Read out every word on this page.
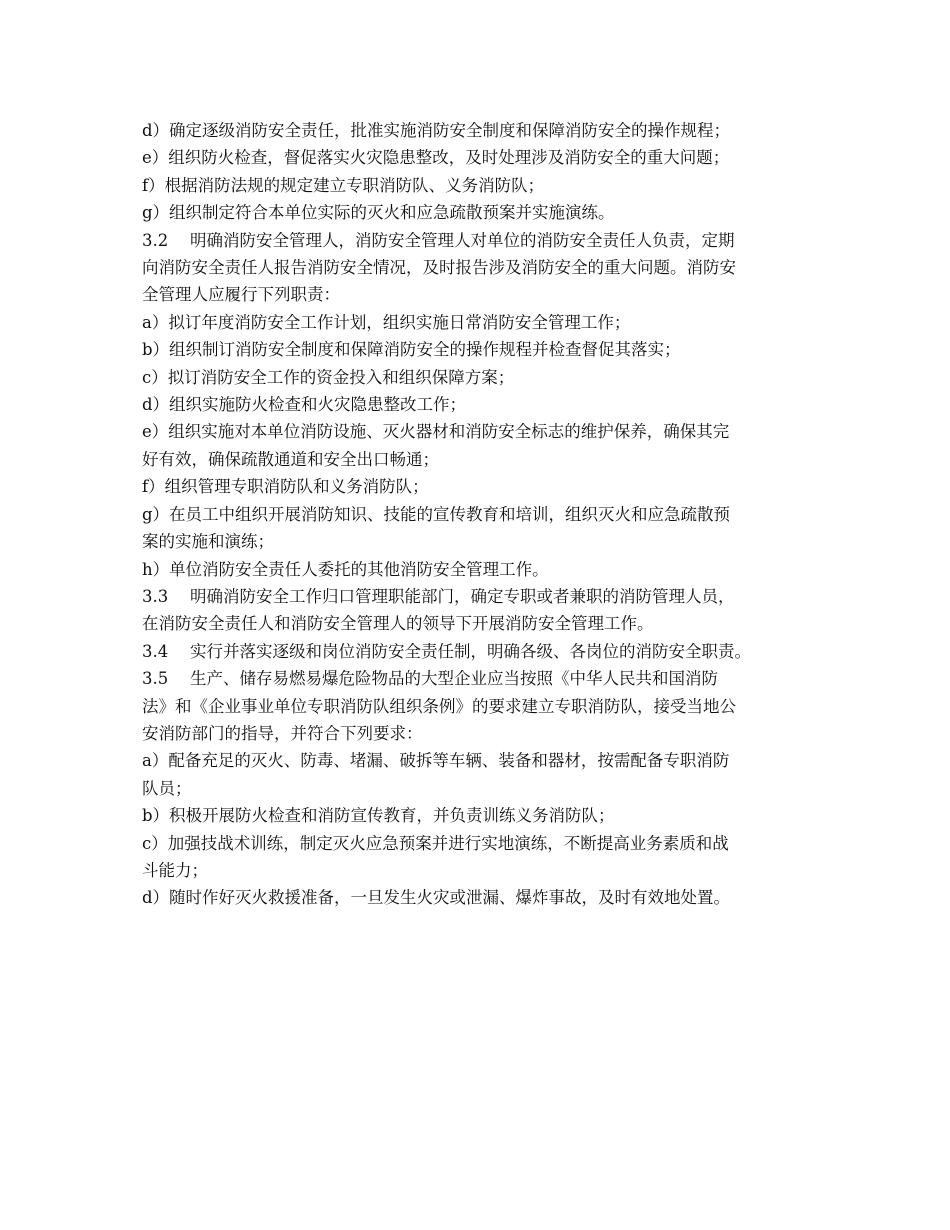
d）确定逐级消防安全责任，批准实施消防安全制度和保障消防安全的操作规程；

e）组织防火检查，督促落实火灾隐患整改，及时处理涉及消防安全的重大问题；

f）根据消防法规的规定建立专职消防队、义务消防队；

g）组织制定符合本单位实际的灭火和应急疏散预案并实施演练。

3.2　 明确消防安全管理人，消防安全管理人对单位的消防安全责任人负责，定期

向消防安全责任人报告消防安全情况，及时报告涉及消防安全的重大问题。消防安

全管理人应履行下列职责：

a）拟订年度消防安全工作计划，组织实施日常消防安全管理工作；

b）组织制订消防安全制度和保障消防安全的操作规程并检查督促其落实；

c）拟订消防安全工作的资金投入和组织保障方案；

d）组织实施防火检查和火灾隐患整改工作；

e）组织实施对本单位消防设施、灭火器材和消防安全标志的维护保养，确保其完

好有效，确保疏散通道和安全出口畅通；

f）组织管理专职消防队和义务消防队；

g）在员工中组织开展消防知识、技能的宣传教育和培训，组织灭火和应急疏散预

案的实施和演练；

h）单位消防安全责任人委托的其他消防安全管理工作。

3.3　 明确消防安全工作归口管理职能部门，确定专职或者兼职的消防管理人员，

在消防安全责任人和消防安全管理人的领导下开展消防安全管理工作。

3.4　 实行并落实逐级和岗位消防安全责任制，明确各级、各岗位的消防安全职责。

3.5　 生产、储存易燃易爆危险物品的大型企业应当按照《中华人民共和国消防

法》和《企业事业单位专职消防队组织条例》的要求建立专职消防队，接受当地公

安消防部门的指导，并符合下列要求：

a）配备充足的灭火、防毒、堵漏、破拆等车辆、装备和器材，按需配备专职消防

队员；

b）积极开展防火检查和消防宣传教育，并负责训练义务消防队；

c）加强技战术训练，制定灭火应急预案并进行实地演练，不断提高业务素质和战

斗能力；

d）随时作好灭火救援准备，一旦发生火灾或泄漏、爆炸事故，及时有效地处置。
